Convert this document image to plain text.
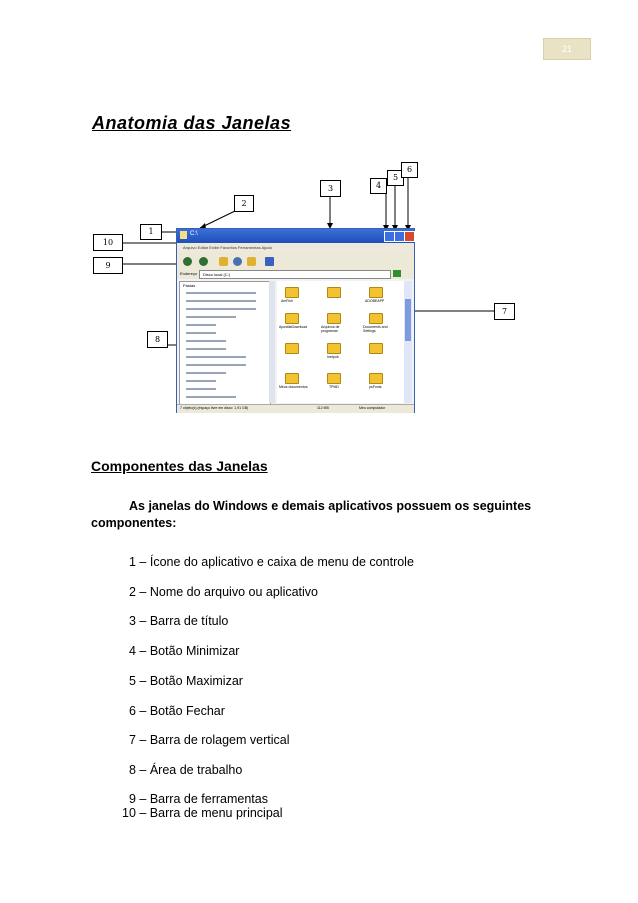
21
Anatomia das Janelas
C:\
Arquivo Editar Exibir Favoritos Ferramentas Ajuda
Endereço Disco local (C:)
Pastas
AmFish	ADOBEAPP
ApostilaDownload	Arquivos de programas
Documents and Settings
Inetpub
Meus documentos	TPMD	psFonts
7 objeto(s) (espaço livre em disco: 1,91 GB)	112 MB	Meu computador
1
2
3	4
5
6
7
8
9
10
Componentes das Janelas
As janelas do Windows e demais aplicativos possuem os seguintes
componentes:
1 – Ícone do aplicativo e caixa de menu de controle
2 – Nome do arquivo ou aplicativo
3 – Barra de título
4 – Botão Minimizar
5 – Botão Maximizar
6 – Botão Fechar
7 – Barra de rolagem vertical
8 – Área de trabalho
9 – Barra de ferramentas
10 – Barra de menu principal
